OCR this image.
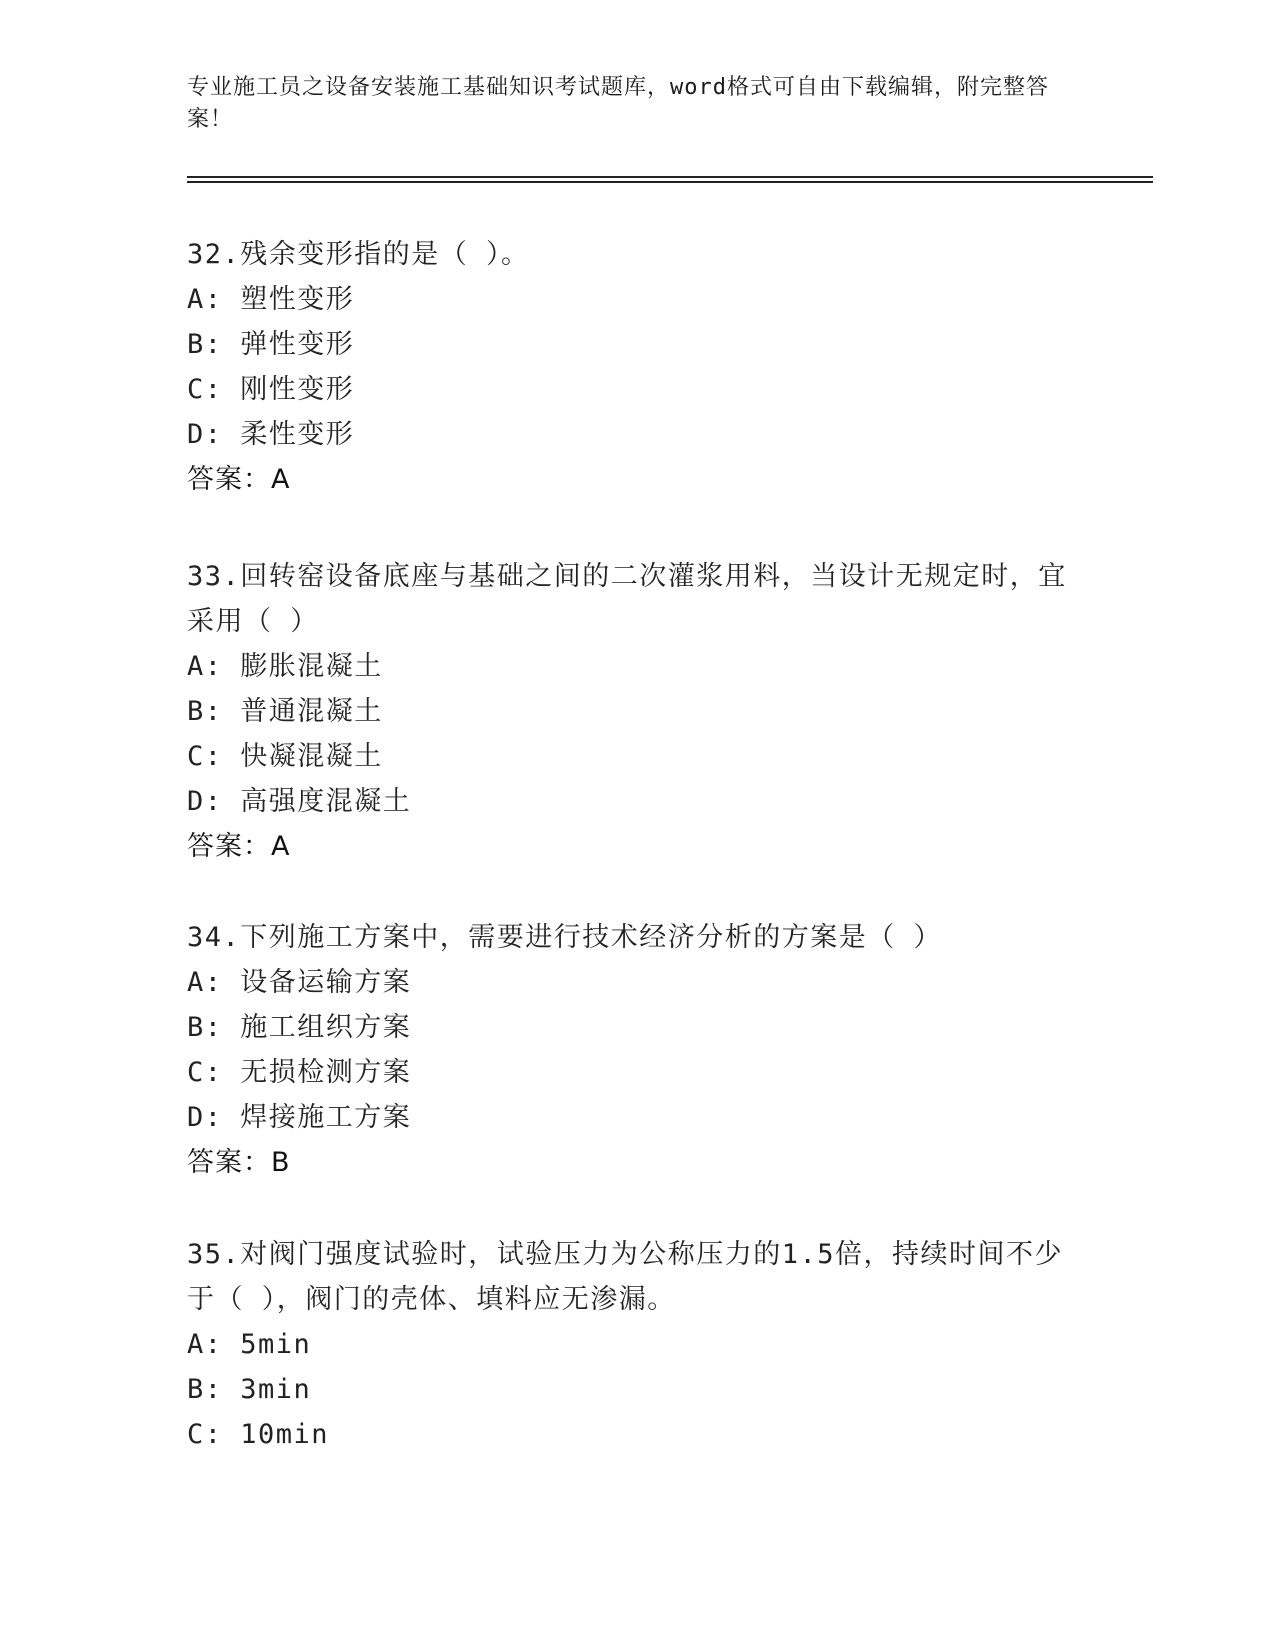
专业施工员之设备安装施工基础知识考试题库，word格式可自由下载编辑，附完整答案！
32.残余变形指的是（ ）。
A: 塑性变形
B: 弹性变形
C: 刚性变形
D: 柔性变形
答案：A
33.回转窑设备底座与基础之间的二次灌浆用料，当设计无规定时，宜采用（ ）
A: 膨胀混凝土
B: 普通混凝土
C: 快凝混凝土
D: 高强度混凝土
答案：A
34.下列施工方案中，需要进行技术经济分析的方案是（ ）
A: 设备运输方案
B: 施工组织方案
C: 无损检测方案
D: 焊接施工方案
答案：B
35.对阀门强度试验时，试验压力为公称压力的1.5倍，持续时间不少于（ ），阀门的壳体、填料应无渗漏。
A: 5min
B: 3min
C: 10min
